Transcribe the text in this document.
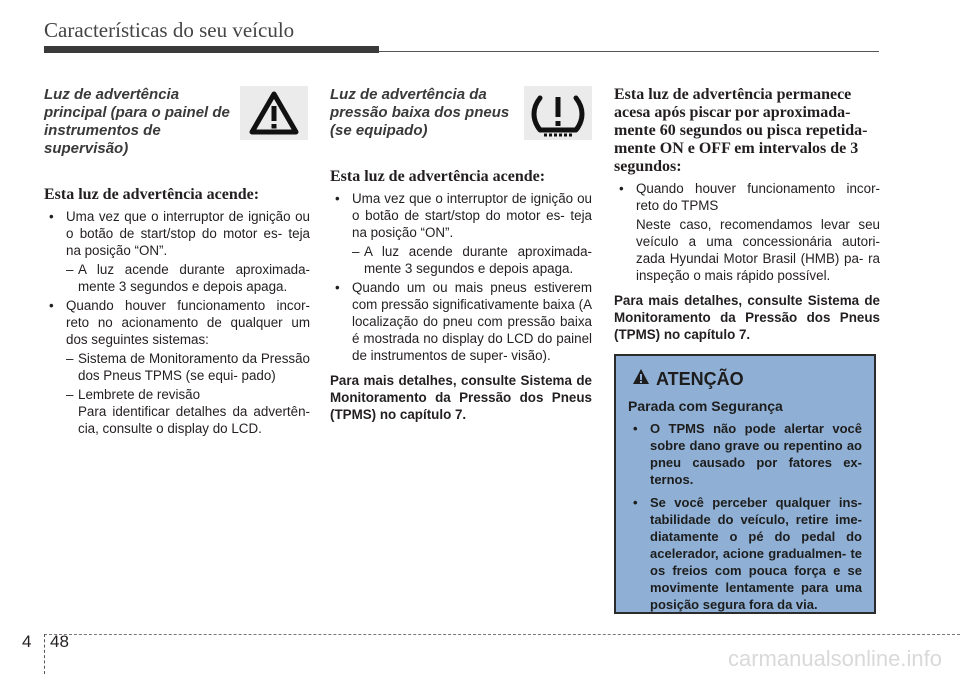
Características do seu veículo
Luz de advertência principal (para o painel de instrumentos de supervisão)
Esta luz de advertência acende:
• Uma vez que o interruptor de ignição ou o botão de start/stop do motor es- teja na posição “ON”.
– A luz acende durante aproximada- mente 3 segundos e depois apaga.
• Quando houver funcionamento incor- reto no acionamento de qualquer um dos seguintes sistemas:
– Sistema de Monitoramento da Pressão dos Pneus TPMS (se equi- pado)
– Lembrete de revisão
Para identificar detalhes da advertên- cia, consulte o display do LCD.
Luz de advertência da pressão baixa dos pneus (se equipado)
Esta luz de advertência acende:
• Uma vez que o interruptor de ignição ou o botão de start/stop do motor es- teja na posição “ON”.
– A luz acende durante aproximada- mente 3 segundos e depois apaga.
• Quando um ou mais pneus estiverem com pressão significativamente baixa (A localização do pneu com pressão baixa é mostrada no display do LCD do painel de instrumentos de super- visão).
Para mais detalhes, consulte Sistema de Monitoramento da Pressão dos Pneus (TPMS) no capítulo 7.
Esta luz de advertência permanece acesa após piscar por aproximada- mente 60 segundos ou pisca repetida- mente ON e OFF em intervalos de 3 segundos:
• Quando houver funcionamento incor- reto do TPMS
Neste caso, recomendamos levar seu veículo a uma concessionária autori- zada Hyundai Motor Brasil (HMB) pa- ra inspeção o mais rápido possível.
Para mais detalhes, consulte Sistema de Monitoramento da Pressão dos Pneus (TPMS) no capítulo 7.
ATENÇÃO
Parada com Segurança
• O TPMS não pode alertar você sobre dano grave ou repentino ao pneu causado por fatores ex- ternos.
• Se você perceber qualquer ins- tabilidade do veículo, retire ime- diatamente o pé do pedal do acelerador, acione gradualmen- te os freios com pouca força e se movimente lentamente para uma posição segura fora da via.
4 48
carmanualsonline.info
